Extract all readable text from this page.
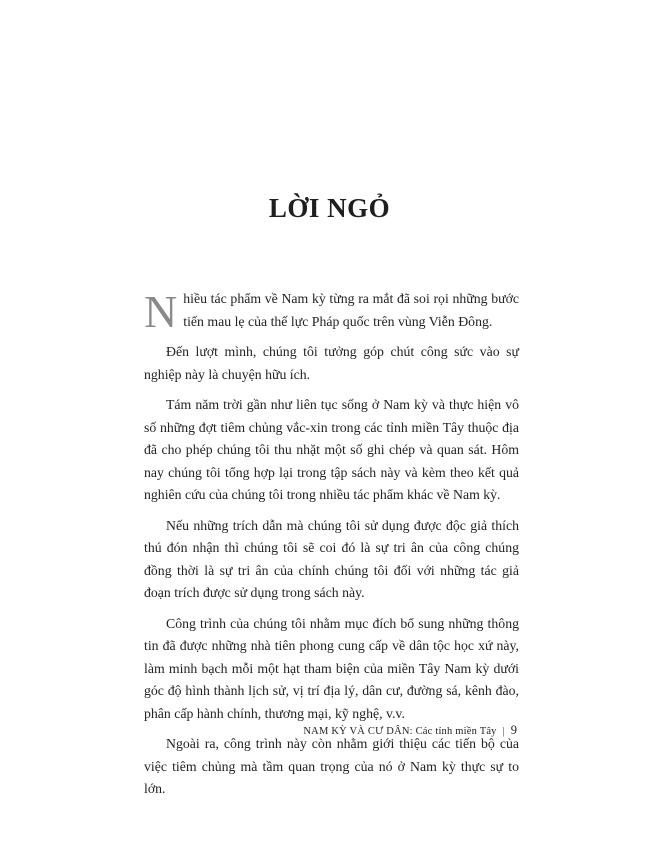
LỜI NGỎ

Nhiều tác phẩm về Nam kỳ từng ra mắt đã soi rọi những bước tiến mau lẹ của thế lực Pháp quốc trên vùng Viễn Đông.

Đến lượt mình, chúng tôi tưởng góp chút công sức vào sự nghiệp này là chuyện hữu ích.

Tám năm trời gần như liên tục sống ở Nam kỳ và thực hiện vô số những đợt tiêm chủng vắc-xin trong các tỉnh miền Tây thuộc địa đã cho phép chúng tôi thu nhặt một số ghi chép và quan sát. Hôm nay chúng tôi tổng hợp lại trong tập sách này và kèm theo kết quả nghiên cứu của chúng tôi trong nhiều tác phẩm khác về Nam kỳ.

Nếu những trích dẫn mà chúng tôi sử dụng được độc giả thích thú đón nhận thì chúng tôi sẽ coi đó là sự tri ân của công chúng đồng thời là sự tri ân của chính chúng tôi đối với những tác giả đoạn trích được sử dụng trong sách này.

Công trình của chúng tôi nhằm mục đích bổ sung những thông tin đã được những nhà tiên phong cung cấp về dân tộc học xứ này, làm minh bạch mỗi một hạt tham biện của miền Tây Nam kỳ dưới góc độ hình thành lịch sử, vị trí địa lý, dân cư, đường sá, kênh đào, phân cấp hành chính, thương mại, kỹ nghệ, v.v.

Ngoài ra, công trình này còn nhằm giới thiệu các tiến bộ của việc tiêm chủng mà tầm quan trọng của nó ở Nam kỳ thực sự to lớn.

NAM KỲ VÀ CƯ DÂN: Các tỉnh miền Tây | 9
